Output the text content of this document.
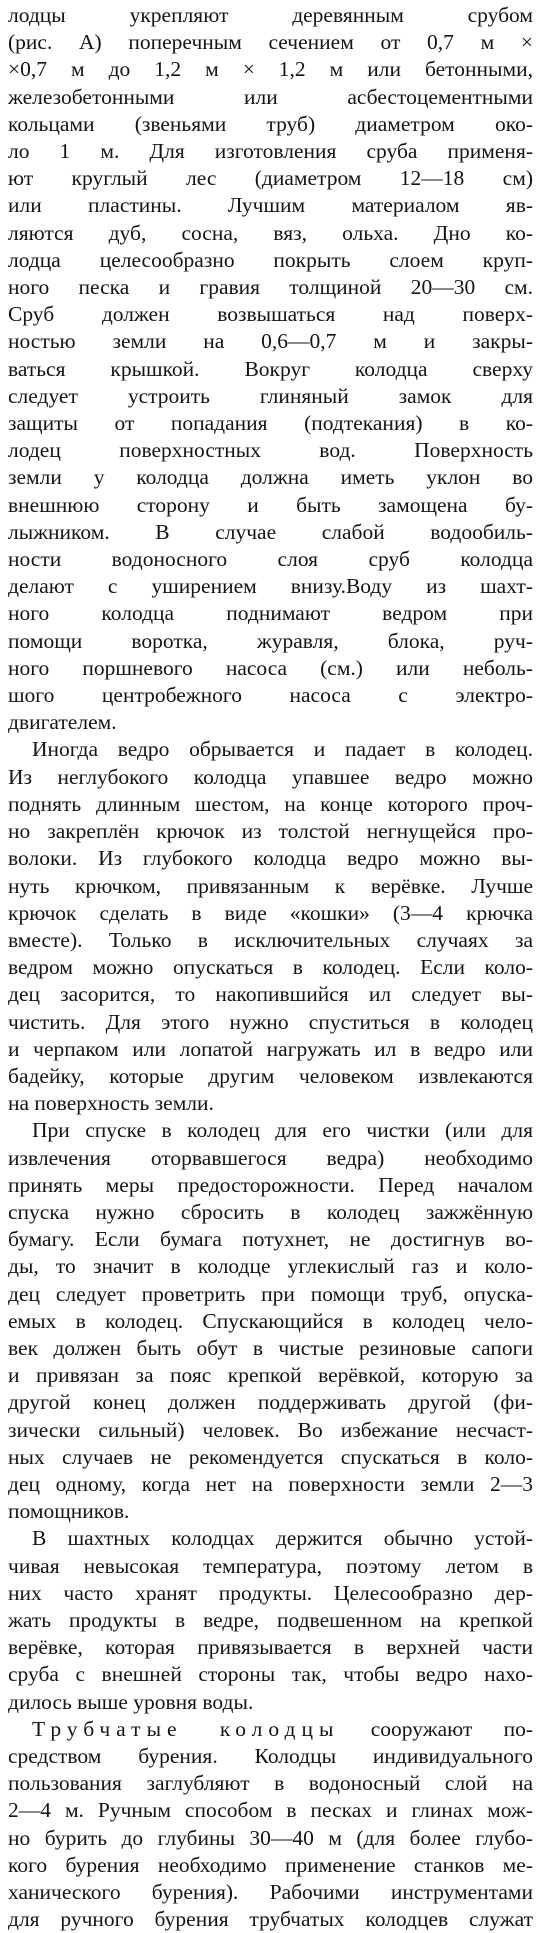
лодцы укрепляют деревянным срубом
(рис. А) поперечным сечением от 0,7 м ×
×0,7 м до 1,2 м × 1,2 м или бетонными,
железобетонными или асбестоцементными
кольцами (звеньями труб) диаметром око-
ло 1 м. Для изготовления сруба применя-
ют круглый лес (диаметром 12—18 см)
или пластины. Лучшим материалом яв-
ляются дуб, сосна, вяз, ольха. Дно ко-
лодца целесообразно покрыть слоем круп-
ного песка и гравия толщиной 20—30 см.
Сруб должен возвышаться над поверх-
ностью земли на 0,6—0,7 м и закры-
ваться крышкой. Вокруг колодца сверху
следует устроить глиняный замок для
защиты от попадания (подтекания) в ко-
лодец поверхностных вод. Поверхность
земли у колодца должна иметь уклон во
внешнюю сторону и быть замощена бу-
лыжником. В случае слабой водообиль-
ности водоносного слоя сруб колодца
делают с уширением внизу.Воду из шахт-
ного колодца поднимают ведром при
помощи воротка, журавля, блока, руч-
ного поршневого насоса (см.) или неболь-
шого центробежного насоса с электро-
двигателем.

Иногда ведро обрывается и падает в колодец.
Из неглубокого колодца упавшее ведро можно
поднять длинным шестом, на конце которого проч-
но закреплён крючок из толстой негнущейся про-
волоки. Из глубокого колодца ведро можно вы-
нуть крючком, привязанным к верёвке. Лучше
крючок сделать в виде «кошки» (3—4 крючка
вместе). Только в исключительных случаях за
ведром можно опускаться в колодец. Если коло-
дец засорится, то накопившийся ил следует вы-
чистить. Для этого нужно спуститься в колодец
и черпаком или лопатой нагружать ил в ведро или
бадейку, которые другим человеком извлекаются
на поверхность земли.

При спуске в колодец для его чистки (или для
извлечения оторвавшегося ведра) необходимо
принять меры предосторожности. Перед началом
спуска нужно сбросить в колодец зажжённую
бумагу. Если бумага потухнет, не достигнув во-
ды, то значит в колодце углекислый газ и коло-
дец следует проветрить при помощи труб, опуска-
емых в колодец. Спускающийся в колодец чело-
век должен быть обут в чистые резиновые сапоги
и привязан за пояс крепкой верёвкой, которую за
другой конец должен поддерживать другой (фи-
зически сильный) человек. Во избежание несчаст-
ных случаев не рекомендуется спускаться в коло-
дец одному, когда нет на поверхности земли 2—3
помощников.

В шахтных колодцах держится обычно устой-
чивая невысокая температура, поэтому летом в
них часто хранят продукты. Целесообразно дер-
жать продукты в ведре, подвешенном на крепкой
верёвке, которая привязывается в верхней части
сруба с внешней стороны так, чтобы ведро нахо-
дилось выше уровня воды.

Трубчатые колодцы сооружают по-
средством бурения. Колодцы индивидуального
пользования заглубляют в водоносный слой на
2—4 м. Ручным способом в песках и глинах мож-
но бурить до глубины 30—40 м (для более глубо-
кого бурения необходимо применение станков ме-
ханического бурения). Рабочими инструментами
для ручного бурения трубчатых колодцев служат
